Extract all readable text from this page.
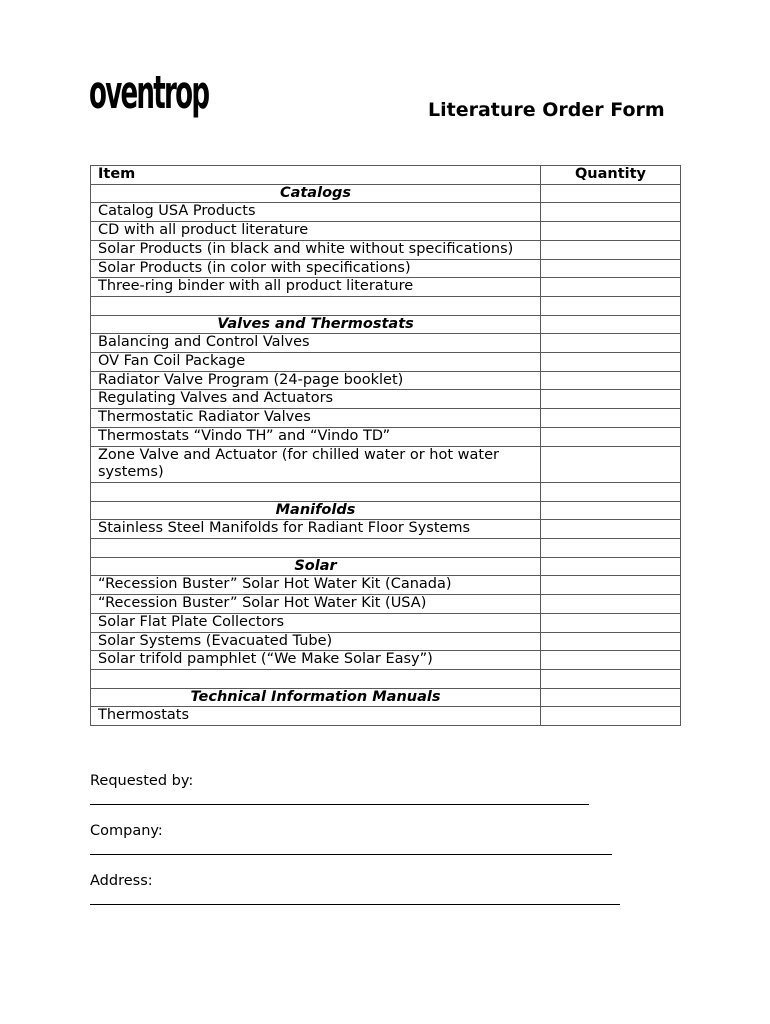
oventrop	Literature Order Form
Item	Quantity
Catalogs	
Catalog USA Products	
CD with all product literature	
Solar Products (in black and white without specifications)	
Solar Products (in color with specifications)	
Three-ring binder with all product literature	

Valves and Thermostats	
Balancing and Control Valves	
OV Fan Coil Package	
Radiator Valve Program (24-page booklet)	
Regulating Valves and Actuators	
Thermostatic Radiator Valves	
Thermostats “Vindo TH” and “Vindo TD”	
Zone Valve and Actuator (for chilled water or hot water systems)	

Manifolds	
Stainless Steel Manifolds for Radiant Floor Systems	

Solar	
“Recession Buster” Solar Hot Water Kit (Canada)	
“Recession Buster” Solar Hot Water Kit (USA)	
Solar Flat Plate Collectors	
Solar Systems (Evacuated Tube)	
Solar trifold pamphlet (“We Make Solar Easy”)	

Technical Information Manuals	
Thermostats	
Requested by:
Company:
Address:
